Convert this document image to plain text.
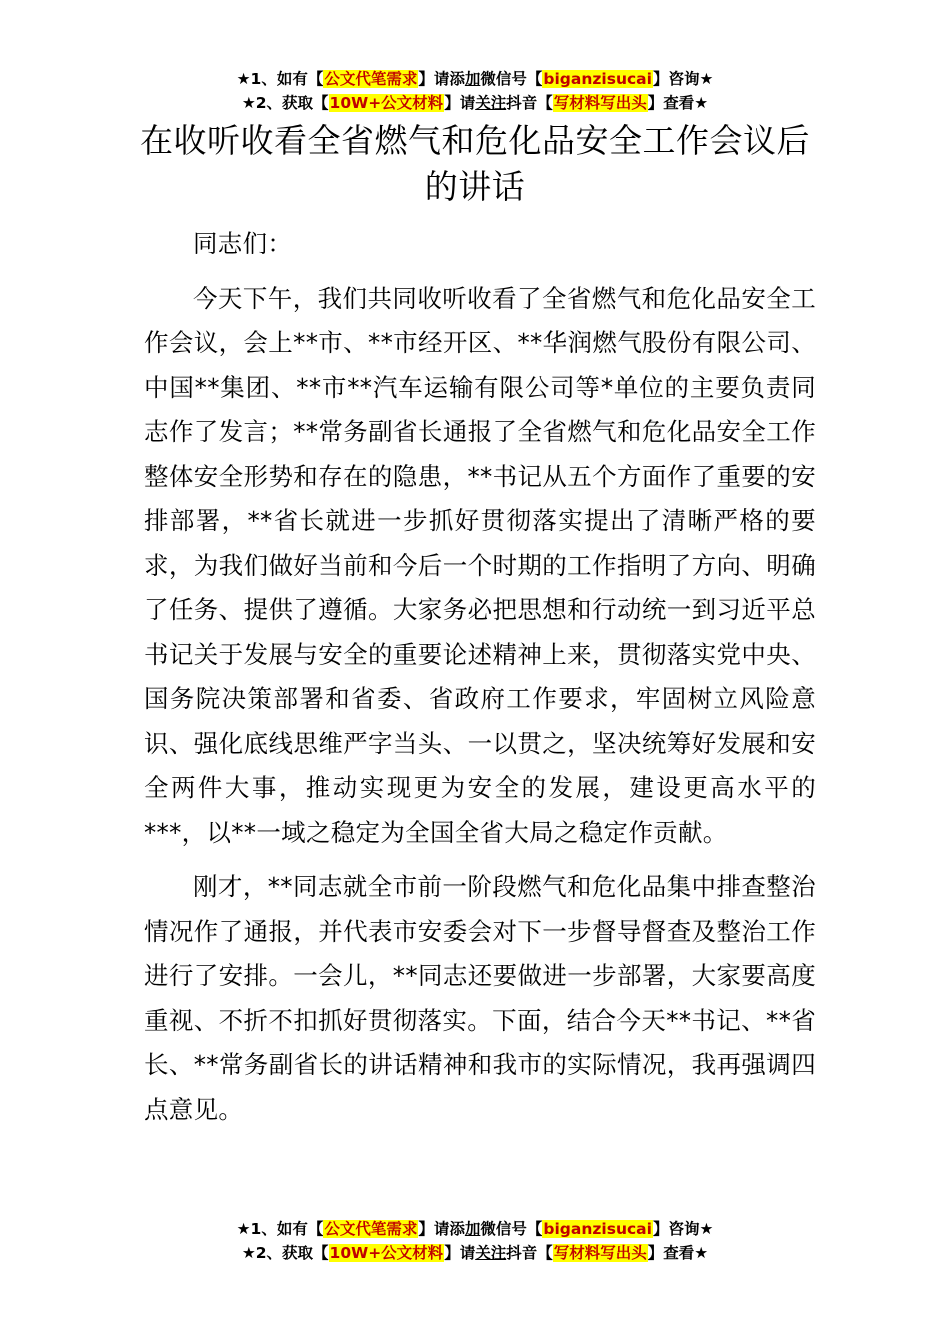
★1、如有【公文代笔需求】请添加微信号【biganzisucai】咨询★
★2、获取【10W+公文材料】请关注抖音【写材料写出头】查看★
在收听收看全省燃气和危化品安全工作会议后的讲话

同志们：

今天下午，我们共同收听收看了全省燃气和危化品安全工作会议，会上**市、**市经开区、**华润燃气股份有限公司、中国**集团、**市**汽车运输有限公司等*单位的主要负责同志作了发言；**常务副省长通报了全省燃气和危化品安全工作整体安全形势和存在的隐患，**书记从五个方面作了重要的安排部署，**省长就进一步抓好贯彻落实提出了清晰严格的要求，为我们做好当前和今后一个时期的工作指明了方向、明确了任务、提供了遵循。大家务必把思想和行动统一到习近平总书记关于发展与安全的重要论述精神上来，贯彻落实党中央、国务院决策部署和省委、省政府工作要求，牢固树立风险意识、强化底线思维严字当头、一以贯之，坚决统筹好发展和安全两件大事，推动实现更为安全的发展，建设更高水平的***，以**一域之稳定为全国全省大局之稳定作贡献。

刚才，**同志就全市前一阶段燃气和危化品集中排查整治情况作了通报，并代表市安委会对下一步督导督查及整治工作进行了安排。一会儿，**同志还要做进一步部署，大家要高度重视、不折不扣抓好贯彻落实。下面，结合今天**书记、**省长、**常务副省长的讲话精神和我市的实际情况，我再强调四点意见。

★1、如有【公文代笔需求】请添加微信号【biganzisucai】咨询★
★2、获取【10W+公文材料】请关注抖音【写材料写出头】查看★
